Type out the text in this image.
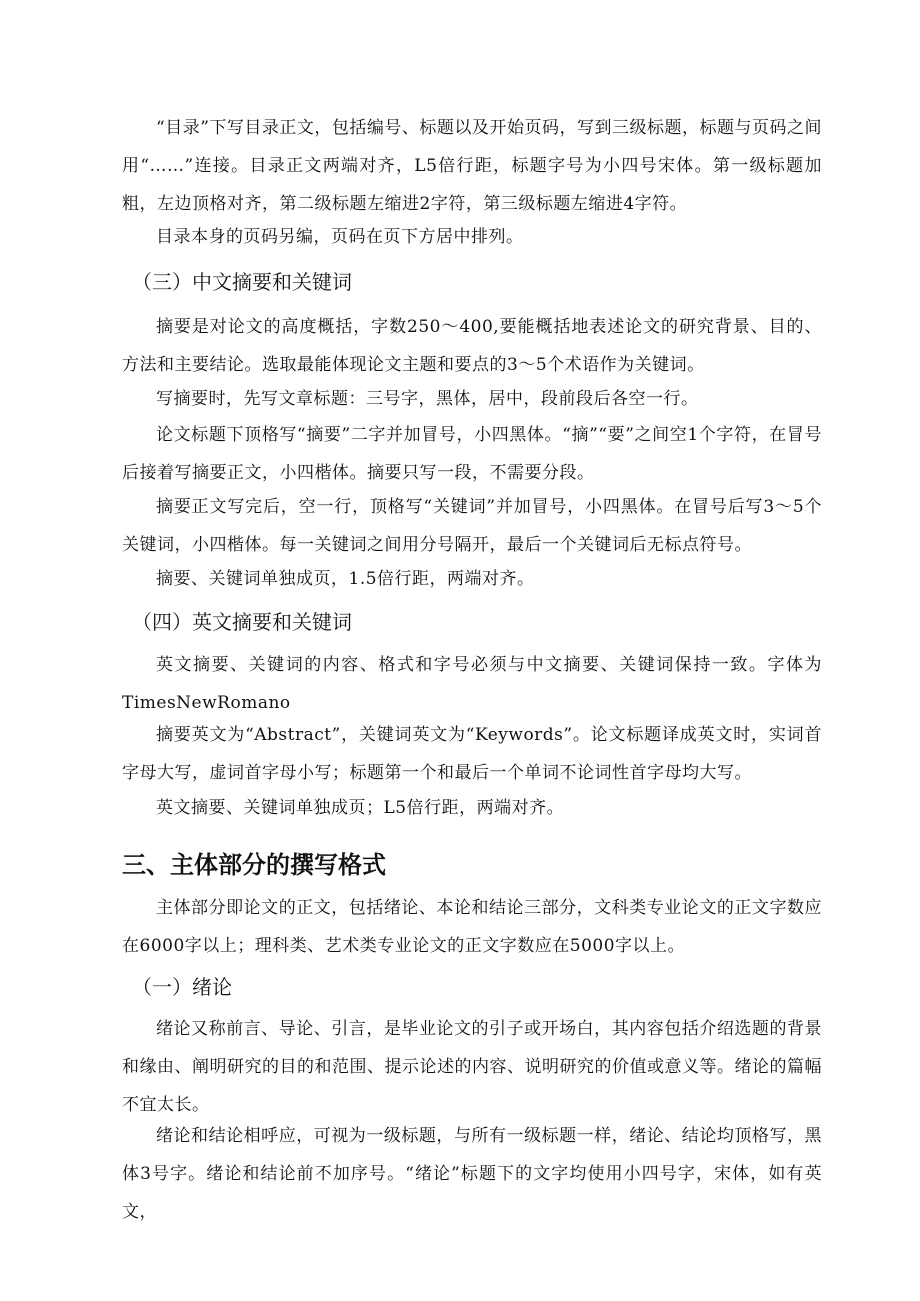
“目录”下写目录正文，包括编号、标题以及开始页码，写到三级标题，标题与页码之间用“……”连接。目录正文两端对齐，L5倍行距，标题字号为小四号宋体。第一级标题加粗，左边顶格对齐，第二级标题左缩进2字符，第三级标题左缩进4字符。

目录本身的页码另编，页码在页下方居中排列。

（三）中文摘要和关键词

摘要是对论文的高度概括，字数250～400,要能概括地表述论文的研究背景、目的、方法和主要结论。选取最能体现论文主题和要点的3～5个术语作为关键词。

写摘要时，先写文章标题：三号字，黑体，居中，段前段后各空一行。

论文标题下顶格写“摘要”二字并加冒号，小四黑体。“摘”“要”之间空1个字符，在冒号后接着写摘要正文，小四楷体。摘要只写一段，不需要分段。

摘要正文写完后，空一行，顶格写“关键词”并加冒号，小四黑体。在冒号后写3～5个关键词，小四楷体。每一关键词之间用分号隔开，最后一个关键词后无标点符号。

摘要、关键词单独成页，1.5倍行距，两端对齐。

（四）英文摘要和关键词

英文摘要、关键词的内容、格式和字号必须与中文摘要、关键词保持一致。字体为TimesNewRomano

摘要英文为“Abstract”，关键词英文为“Keywords”。论文标题译成英文时，实词首字母大写，虚词首字母小写；标题第一个和最后一个单词不论词性首字母均大写。

英文摘要、关键词单独成页；L5倍行距，两端对齐。

三、主体部分的撰写格式

主体部分即论文的正文，包括绪论、本论和结论三部分，文科类专业论文的正文字数应在6000字以上；理科类、艺术类专业论文的正文字数应在5000字以上。

（一）绪论

绪论又称前言、导论、引言，是毕业论文的引子或开场白，其内容包括介绍选题的背景和缘由、阐明研究的目的和范围、提示论述的内容、说明研究的价值或意义等。绪论的篇幅不宜太长。

绪论和结论相呼应，可视为一级标题，与所有一级标题一样，绪论、结论均顶格写，黑体3号字。绪论和结论前不加序号。“绪论”标题下的文字均使用小四号字，宋体，如有英文，
